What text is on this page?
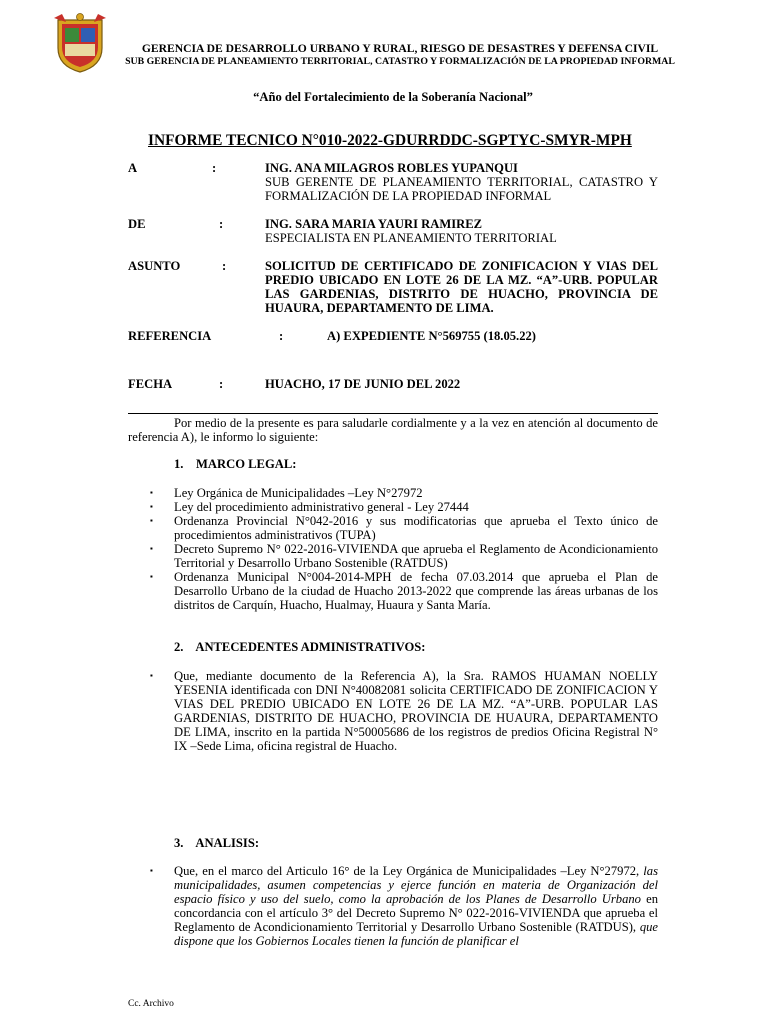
GERENCIA DE DESARROLLO URBANO Y RURAL, RIESGO DE DESASTRES Y DEFENSA CIVIL
SUB GERENCIA DE PLANEAMIENTO TERRITORIAL, CATASTRO Y FORMALIZACIÓN DE LA PROPIEDAD INFORMAL
“Año del Fortalecimiento de la Soberanía Nacional”
INFORME TECNICO N°010-2022-GDURRDDC-SGPTYC-SMYR-MPH
A	:	ING. ANA MILAGROS ROBLES YUPANQUI
SUB GERENTE DE PLANEAMIENTO TERRITORIAL, CATASTRO Y FORMALIZACIÓN DE LA PROPIEDAD INFORMAL
DE	:	ING. SARA MARIA YAURI RAMIREZ
ESPECIALISTA EN PLANEAMIENTO TERRITORIAL
ASUNTO	:	SOLICITUD DE CERTIFICADO DE ZONIFICACION Y VIAS DEL PREDIO UBICADO EN LOTE 26 DE LA MZ. “A”-URB. POPULAR LAS GARDENIAS, DISTRITO DE HUACHO, PROVINCIA DE HUAURA, DEPARTAMENTO DE LIMA.
REFERENCIA	:	A) EXPEDIENTE N°569755 (18.05.22)
FECHA	:	HUACHO, 17 DE JUNIO DEL 2022
Por medio de la presente es para saludarle cordialmente y a la vez en atención al documento de referencia A), le informo lo siguiente:
1.    MARCO LEGAL:
▪ Ley Orgánica de Municipalidades –Ley N°27972
▪ Ley del procedimiento administrativo general - Ley 27444
▪ Ordenanza Provincial N°042-2016 y sus modificatorias que aprueba el Texto único de procedimientos administrativos (TUPA)
▪ Decreto Supremo N° 022-2016-VIVIENDA que aprueba el Reglamento de Acondicionamiento Territorial y Desarrollo Urbano Sostenible (RATDUS)
▪ Ordenanza Municipal N°004-2014-MPH de fecha 07.03.2014 que aprueba el Plan de Desarrollo Urbano de la ciudad de Huacho 2013-2022 que comprende las áreas urbanas de los distritos de Carquín, Huacho, Hualmay, Huaura y Santa María.
2.    ANTECEDENTES ADMINISTRATIVOS:
▪ Que, mediante documento de la Referencia A), la Sra. RAMOS HUAMAN NOELLY YESENIA identificada con DNI N°40082081 solicita CERTIFICADO DE ZONIFICACION Y VIAS DEL PREDIO UBICADO EN LOTE 26 DE LA MZ. “A”-URB. POPULAR LAS GARDENIAS, DISTRITO DE HUACHO, PROVINCIA DE HUAURA, DEPARTAMENTO DE LIMA, inscrito en la partida N°50005686 de los registros de predios Oficina Registral N° IX –Sede Lima, oficina registral de Huacho.
3.    ANALISIS:
▪ Que, en el marco del Articulo 16° de la Ley Orgánica de Municipalidades –Ley N°27972, las municipalidades, asumen competencias y ejerce función en materia de Organización del espacio físico y uso del suelo, como la aprobación de los Planes de Desarrollo Urbano en concordancia con el artículo 3° del Decreto Supremo N° 022-2016-VIVIENDA que aprueba el Reglamento de Acondicionamiento Territorial y Desarrollo Urbano Sostenible (RATDUS), que dispone que los Gobiernos Locales tienen la función de planificar el
Cc. Archivo
